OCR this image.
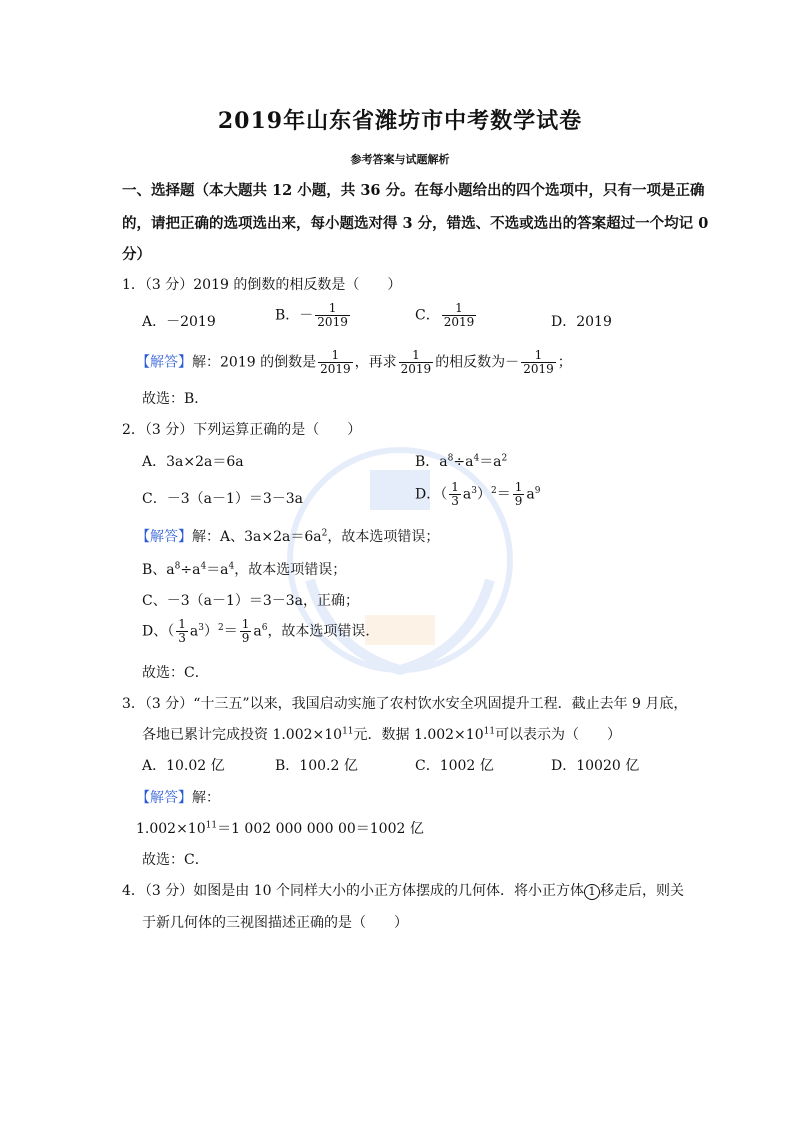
2019年山东省潍坊市中考数学试卷
参考答案与试题解析
一、选择题（本大题共 12 小题，共 36 分。在每小题给出的四个选项中，只有一项是正确
的，请把正确的选项选出来，每小题选对得 3 分，错选、不选或选出的答案超过一个均记 0
分）
1．（3 分）2019 的倒数的相反数是（　　）
A．－2019	B．－ $\frac{1}{2019}$	C． $\frac{1}{2019}$	D．2019
【解答】解：2019 的倒数是 $\frac{1}{2019}$ ，再求 $\frac{1}{2019}$ 的相反数为－ $\frac{1}{2019}$ ；
故选：B．
2．（3 分）下列运算正确的是（　　）
A．3a×2a＝6a	B．$a^8\div a^4=a^2$
C．－3（a－1）＝3－3a	D．（ $\frac{1}{3} a^3)^2= \frac{1}{9} a^9$
【解答】解：A、$3a\times 2a=6a^2$，故本选项错误；
B、$a^8\div a^4=a^4$，故本选项错误；
C、－3（a－1）＝3－3a，正确；
D、（ $\frac{1}{3} a^3)^2= \frac{1}{9} a^6$，故本选项错误．
故选：C．
3．（3 分）“十三五”以来，我国启动实施了农村饮水安全巩固提升工程．截止去年 9 月底，
各地已累计完成投资 $1.002\times 10^{11}$元．数据 $1.002\times 10^{11}$可以表示为（　　）
A．10.02 亿	B．100.2 亿	C．1002 亿	D．10020 亿
【解答】解：
$1.002\times 10^{11}=1$ 002 000 000 00＝1002 亿
故选：C．
4．（3 分）如图是由 10 个同样大小的小正方体摆成的几何体．将小正方体 1 移走后，则关
于新几何体的三视图描述正确的是（　　）
